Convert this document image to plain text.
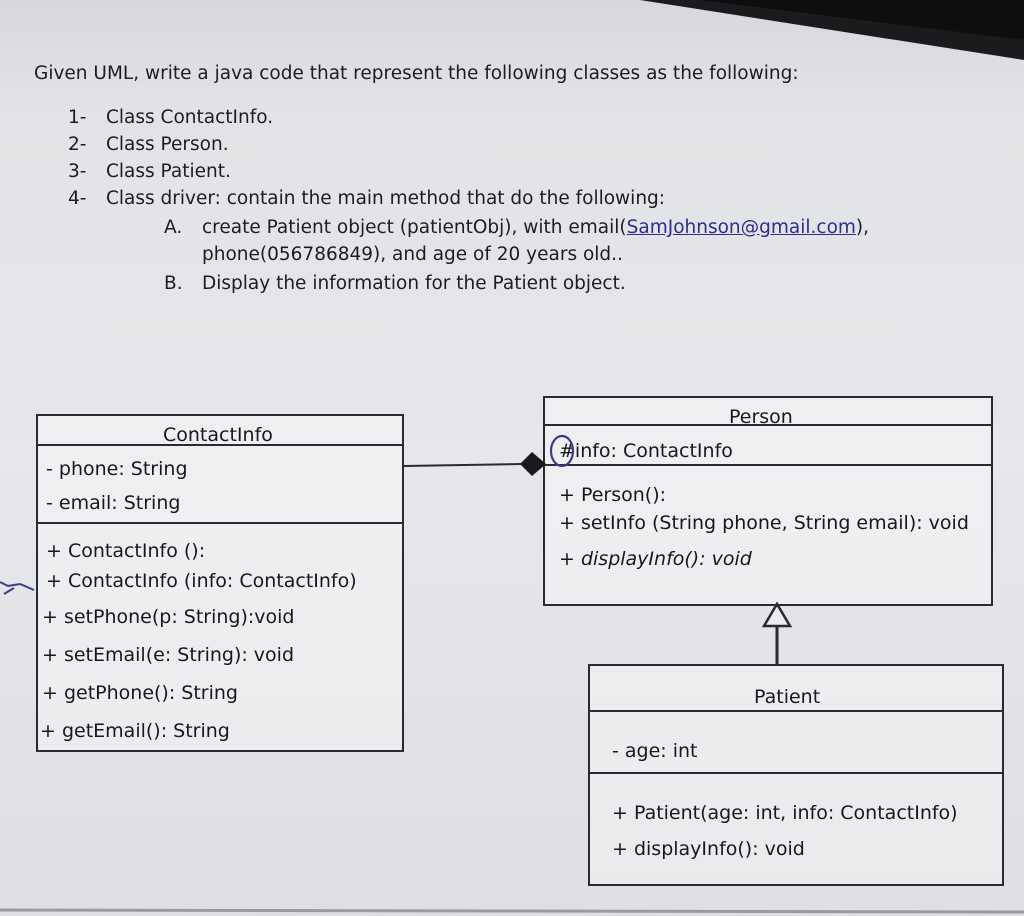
Given UML, write a java code that represent the following classes as the following:
1- Class ContactInfo.
2- Class Person.
3- Class Patient.
4- Class driver: contain the main method that do the following:
A. create Patient object (patientObj), with email(SamJohnson@gmail.com),
phone(056786849), and age of 20 years old..
B. Display the information for the Patient object.
ContactInfo
- phone: String
- email: String
+ ContactInfo ():
+ ContactInfo (info: ContactInfo)
+ setPhone(p: String):void
+ setEmail(e: String): void
+ getPhone(): String
+ getEmail(): String
Person
#info: ContactInfo
+ Person():
+ setInfo (String phone, String email): void
+ displayInfo(): void
Patient
- age: int
+ Patient(age: int, info: ContactInfo)
+ displayInfo(): void
